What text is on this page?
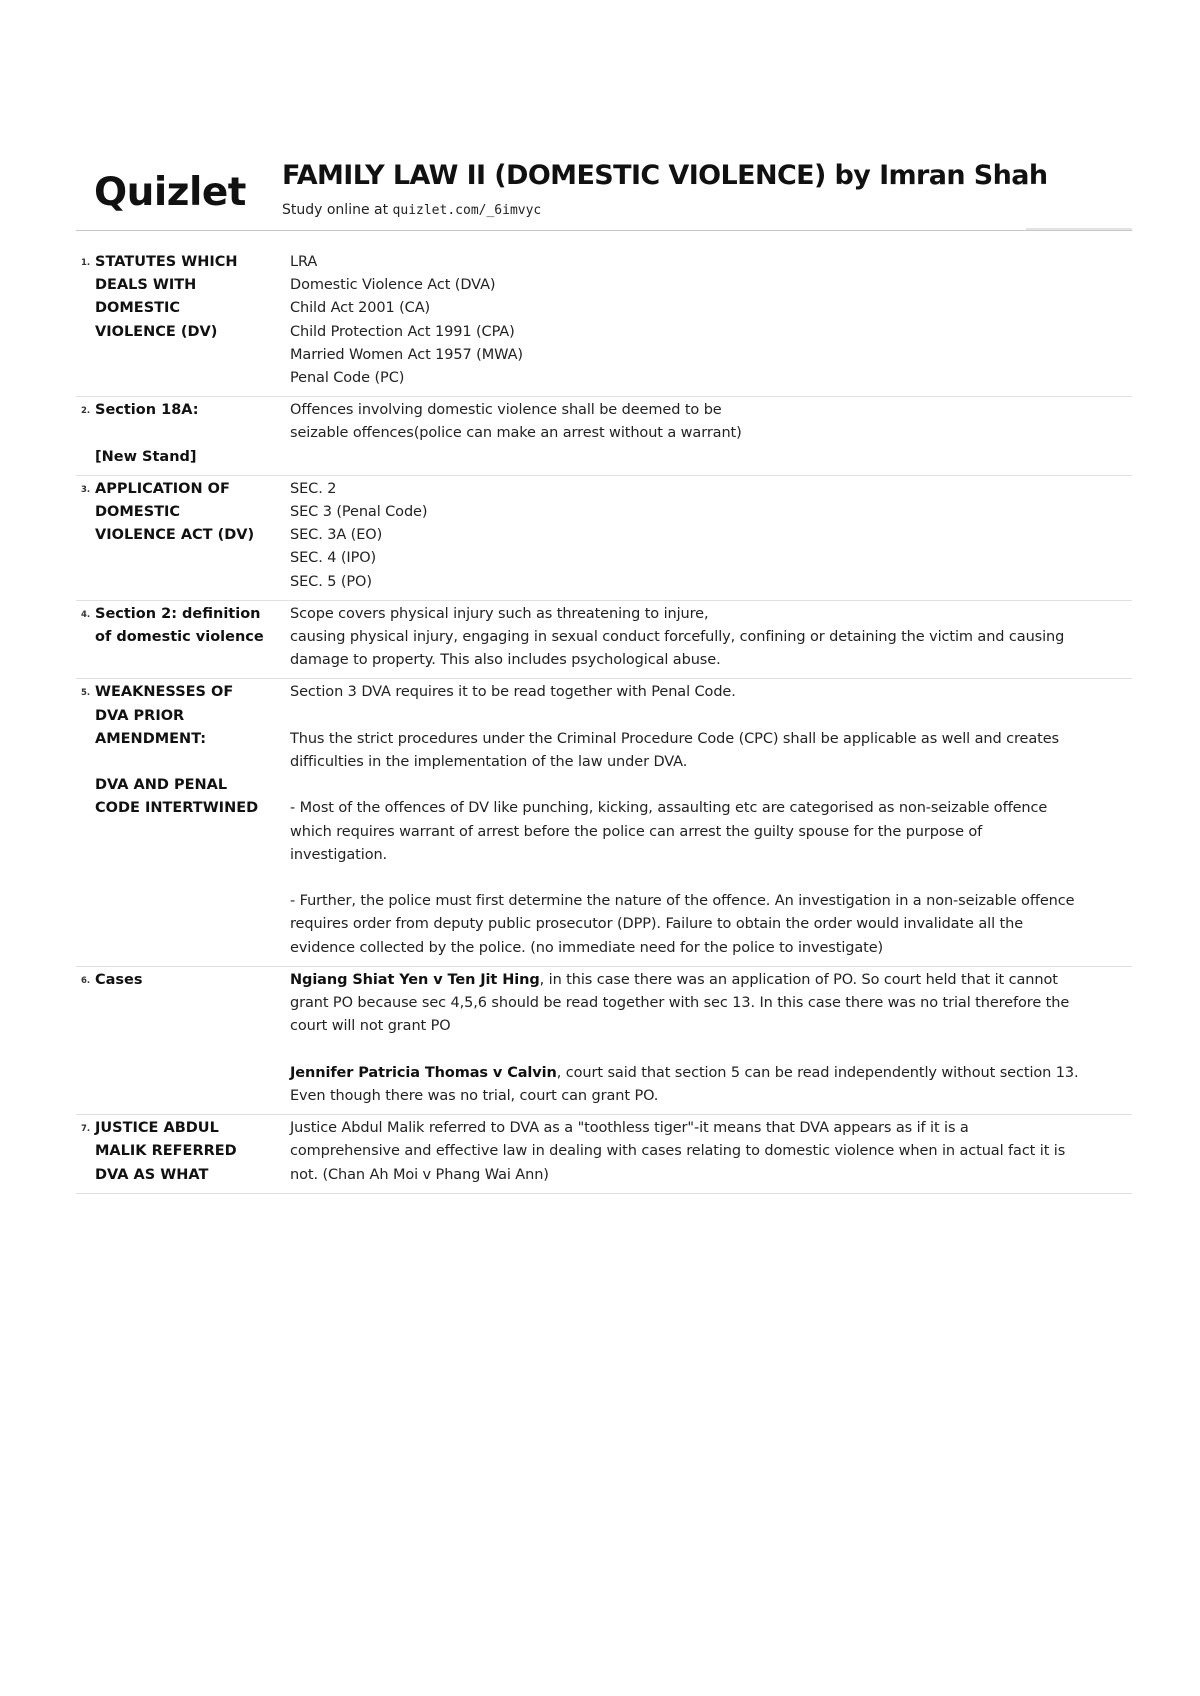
Quizlet FAMILY LAW II (DOMESTIC VIOLENCE) by Imran Shah
Study online at quizlet.com/_6imvyc
1. STATUTES WHICH
DEALS WITH
DOMESTIC
VIOLENCE (DV)
LRA
Domestic Violence Act (DVA)
Child Act 2001 (CA)
Child Protection Act 1991 (CPA)
Married Women Act 1957 (MWA)
Penal Code (PC)
2. Section 18A:

[New Stand]
Offences involving domestic violence shall be deemed to be
seizable offences(police can make an arrest without a warrant)
3. APPLICATION OF
DOMESTIC
VIOLENCE ACT (DV)
SEC. 2
SEC 3 (Penal Code)
SEC. 3A (EO)
SEC. 4 (IPO)
SEC. 5 (PO)
4. Section 2: definition
of domestic violence
Scope covers physical injury such as threatening to injure,
causing physical injury, engaging in sexual conduct forcefully, confining or detaining the victim and causing
damage to property. This also includes psychological abuse.
5. WEAKNESSES OF
DVA PRIOR
AMENDMENT:

DVA AND PENAL
CODE INTERTWINED
Section 3 DVA requires it to be read together with Penal Code.

Thus the strict procedures under the Criminal Procedure Code (CPC) shall be applicable as well and creates
difficulties in the implementation of the law under DVA.

- Most of the offences of DV like punching, kicking, assaulting etc are categorised as non-seizable offence
which requires warrant of arrest before the police can arrest the guilty spouse for the purpose of
investigation.

- Further, the police must first determine the nature of the offence. An investigation in a non-seizable offence
requires order from deputy public prosecutor (DPP). Failure to obtain the order would invalidate all the
evidence collected by the police. (no immediate need for the police to investigate)
6. Cases	Ngiang Shiat Yen v Ten Jit Hing, in this case there was an application of PO. So court held that it cannot
grant PO because sec 4,5,6 should be read together with sec 13. In this case there was no trial therefore the
court will not grant PO

Jennifer Patricia Thomas v Calvin, court said that section 5 can be read independently without section 13.
Even though there was no trial, court can grant PO.
7. JUSTICE ABDUL
MALIK REFERRED
DVA AS WHAT
Justice Abdul Malik referred to DVA as a "toothless tiger"-it means that DVA appears as if it is a
comprehensive and effective law in dealing with cases relating to domestic violence when in actual fact it is
not. (Chan Ah Moi v Phang Wai Ann)
